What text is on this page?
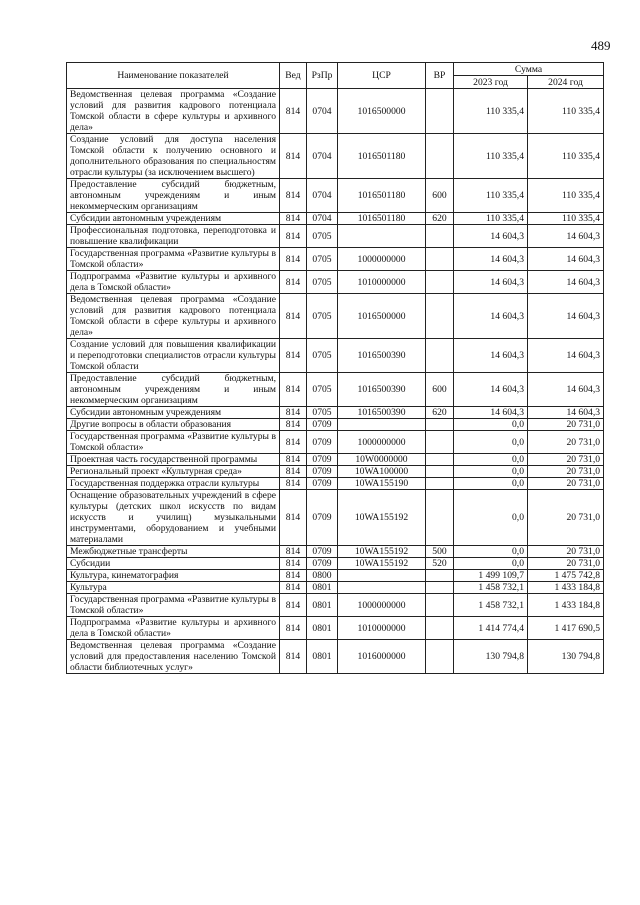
489
Наименование показателей	Вед	РзПр	ЦСР	ВР	Сумма	
					2023 год	2024 год
Ведомственная целевая программа «Создание условий для развития кадрового потенциала Томской области в сфере культуры и архивного дела»	814	0704	1016500000		110 335,4	110 335,4
Создание условий для доступа населения Томской области к получению основного и дополнительного образования по специальностям отрасли культуры (за исключением высшего)	814	0704	1016501180		110 335,4	110 335,4
Предоставление субсидий бюджетным, автономным учреждениям и иным некоммерческим организациям	814	0704	1016501180	600	110 335,4	110 335,4
Субсидии автономным учреждениям	814	0704	1016501180	620	110 335,4	110 335,4
Профессиональная подготовка, переподготовка и повышение квалификации	814	0705			14 604,3	14 604,3
Государственная программа «Развитие культуры в Томской области»	814	0705	1000000000		14 604,3	14 604,3
Подпрограмма «Развитие культуры и архивного дела в Томской области»	814	0705	1010000000		14 604,3	14 604,3
Ведомственная целевая программа «Создание условий для развития кадрового потенциала Томской области в сфере культуры и архивного дела»	814	0705	1016500000		14 604,3	14 604,3
Создание условий для повышения квалификации и переподготовки специалистов отрасли культуры Томской области	814	0705	1016500390		14 604,3	14 604,3
Предоставление субсидий бюджетным, автономным учреждениям и иным некоммерческим организациям	814	0705	1016500390	600	14 604,3	14 604,3
Субсидии автономным учреждениям	814	0705	1016500390	620	14 604,3	14 604,3
Другие вопросы в области образования	814	0709			0,0	20 731,0
Государственная программа «Развитие культуры в Томской области»	814	0709	1000000000		0,0	20 731,0
Проектная часть государственной программы	814	0709	10W0000000		0,0	20 731,0
Региональный проект «Культурная среда»	814	0709	10WA100000		0,0	20 731,0
Государственная поддержка отрасли культуры	814	0709	10WA155190		0,0	20 731,0
Оснащение образовательных учреждений в сфере культуры (детских школ искусств по видам искусств и училищ) музыкальными инструментами, оборудованием и учебными материалами	814	0709	10WA155192		0,0	20 731,0
Межбюджетные трансферты	814	0709	10WA155192	500	0,0	20 731,0
Субсидии	814	0709	10WA155192	520	0,0	20 731,0
Культура, кинематография	814	0800			1 499 109,7	1 475 742,8
Культура	814	0801			1 458 732,1	1 433 184,8
Государственная программа «Развитие культуры в Томской области»	814	0801	1000000000		1 458 732,1	1 433 184,8
Подпрограмма «Развитие культуры и архивного дела в Томской области»	814	0801	1010000000		1 414 774,4	1 417 690,5
Ведомственная целевая программа «Создание условий для предоставления населению Томской области библиотечных услуг»	814	0801	1016000000		130 794,8	130 794,8
